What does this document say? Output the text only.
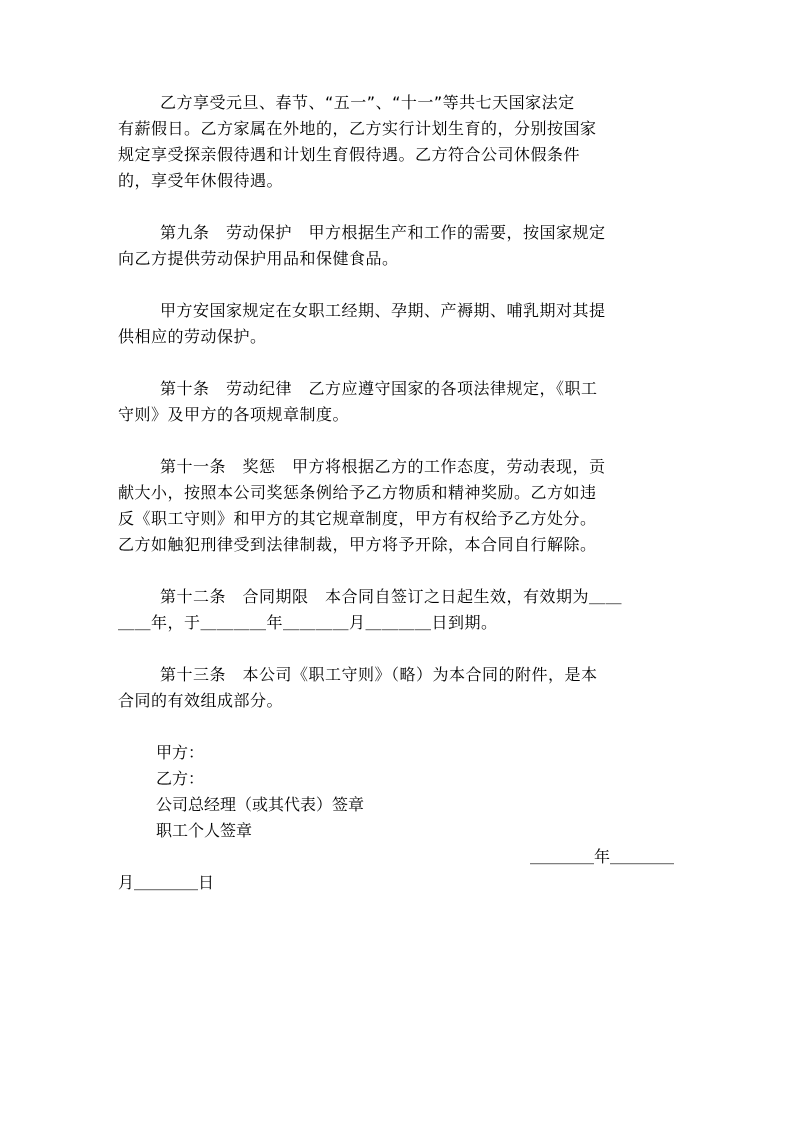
乙方享受元旦、春节、“五一”、“十一”等共七天国家法定
有薪假日。乙方家属在外地的，乙方实行计划生育的，分别按国家
规定享受探亲假待遇和计划生育假待遇。乙方符合公司休假条件
的，享受年休假待遇。

第九条　劳动保护　甲方根据生产和工作的需要，按国家规定
向乙方提供劳动保护用品和保健食品。

甲方安国家规定在女职工经期、孕期、产褥期、哺乳期对其提
供相应的劳动保护。

第十条　劳动纪律　乙方应遵守国家的各项法律规定，《职工
守则》及甲方的各项规章制度。

第十一条　奖惩　甲方将根据乙方的工作态度，劳动表现，贡
献大小，按照本公司奖惩条例给予乙方物质和精神奖励。乙方如违
反《职工守则》和甲方的其它规章制度，甲方有权给予乙方处分。
乙方如触犯刑律受到法律制裁，甲方将予开除，本合同自行解除。

第十二条　合同期限　本合同自签订之日起生效，有效期为＿＿
＿＿年，于＿＿＿＿年＿＿＿＿月＿＿＿＿日到期。

第十三条　本公司《职工守则》（略）为本合同的附件，是本
合同的有效组成部分。

甲方：

乙方：

公司总经理（或其代表）签章

职工个人签章

＿＿＿＿年＿＿＿＿
月＿＿＿＿日
